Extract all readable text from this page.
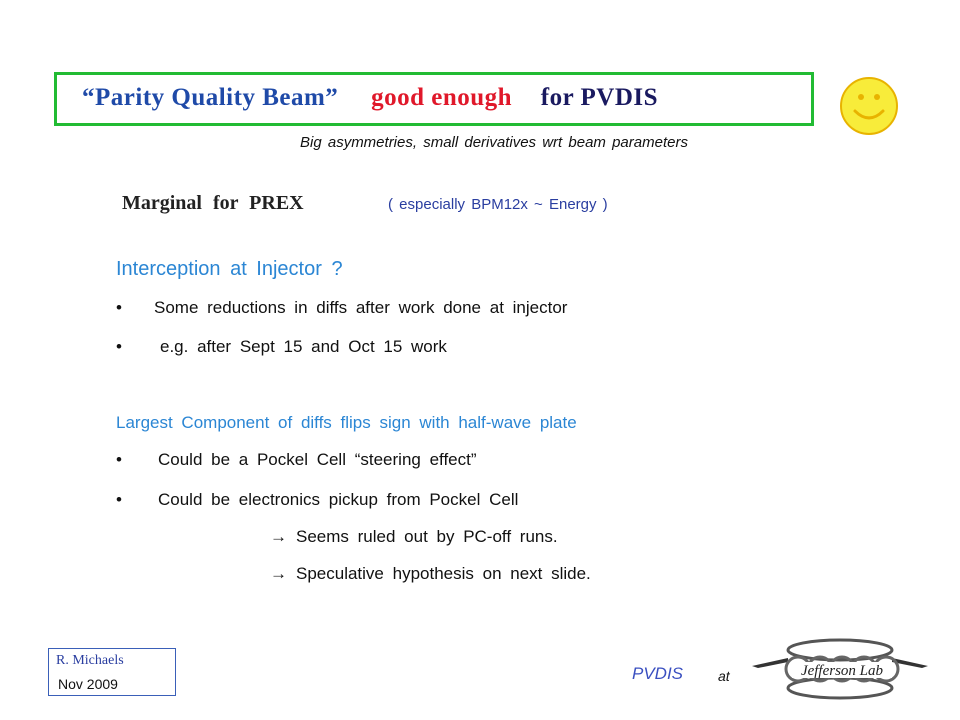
“Parity Quality Beam” good enough for PVDIS
Big asymmetries, small derivatives wrt beam parameters
Marginal for PREX	( especially BPM12x ~ Energy )
Interception at Injector ?
• Some reductions in diffs after work done at injector
• e.g. after Sept 15 and Oct 15 work
Largest Component of diffs flips sign with half-wave plate
• Could be a Pockel Cell “steering effect”
• Could be electronics pickup from Pockel Cell
→ Seems ruled out by PC-off runs.
→ Speculative hypothesis on next slide.
R. Michaels
Nov 2009
PVDIS at	Jefferson Lab
